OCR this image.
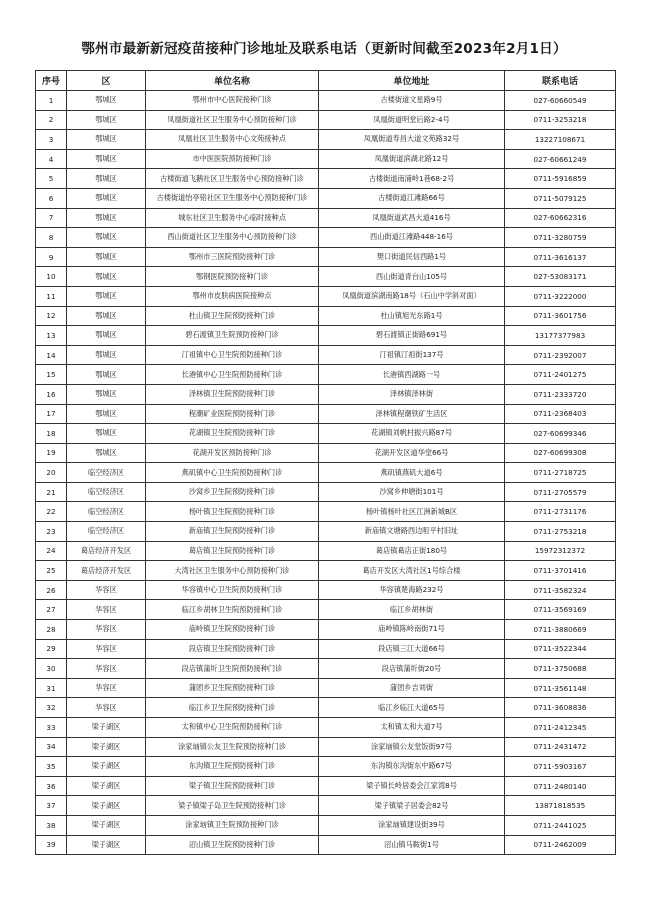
鄂州市最新新冠疫苗接种门诊地址及联系电话（更新时间截至2023年2月1日）
序号	区	单位名称	单位地址	联系电话
1	鄂城区	鄂州市中心医院接种门诊	古楼街道文星路9号	027-60660549
2	鄂城区	凤凰街道社区卫生服务中心预防接种门诊	凤凰街道明堂后路2-4号	0711-3253218
3	鄂城区	凤凰社区卫生服务中心文苑接种点	凤凰街道寿昌大道文苑路32号	13227108671
4	鄂城区	市中医医院预防接种门诊	凤凰街道滨湖北路12号	027-60661249
5	鄂城区	古楼街道飞鹅社区卫生服务中心预防接种门诊	古楼街道南浦岭1巷68-2号	0711-5916859
6	鄂城区	古楼街道怡亭铭社区卫生服务中心预防接种门诊	古楼街道江滩路66号	0711-5079125
7	鄂城区	城东社区卫生服务中心临时接种点	凤凰街道武昌大道416号	027-60662316
8	鄂城区	西山街道社区卫生服务中心预防接种门诊	西山街道江滩路448-16号	0711-3280759
9	鄂城区	鄂州市三医院预防接种门诊	樊口街道民信西路1号	0711-3616137
10	鄂城区	鄂钢医院预防接种门诊	西山街道青台山105号	027-53083171
11	鄂城区	鄂州市皮肤病医院接种点	凤凰街道滨湖南路18号（石山中学斜对面）	0711-3222000
12	鄂城区	杜山镇卫生院预防接种门诊	杜山镇旭光东路1号	0711-3601756
13	鄂城区	碧石渡镇卫生院预防接种门诊	碧石渡镇正街路691号	13177377983
14	鄂城区	汀祖镇中心卫生院预防接种门诊	汀祖镇汀祖街137号	0711-2392007
15	鄂城区	长港镇中心卫生院预防接种门诊	长港镇西湖路一号	0711-2401275
16	鄂城区	泽林镇卫生院预防接种门诊	泽林镇泽林街	0711-2333720
17	鄂城区	程潮矿业医院预防接种门诊	泽林镇程潮铁矿生活区	0711-2368403
18	鄂城区	花湖镇卫生院预防接种门诊	花湖镇刘帆村振兴路87号	027-60699346
19	鄂城区	花湖开发区预防接种门诊	花湖开发区道华堂66号	027-60699308
20	临空经济区	燕矶镇中心卫生院预防接种门诊	燕矶镇燕矶大道6号	0711-2718725
21	临空经济区	沙窝乡卫生院预防接种门诊	沙窝乡伸塘街101号	0711-2705579
22	临空经济区	杨叶镇卫生院预防接种门诊	杨叶镇杨叶社区江洲新城B区	0711-2731176
23	临空经济区	新庙镇卫生院预防接种门诊	新庙镇文塘路西边咀平村旧址	0711-2753218
24	葛店经济开发区	葛店镇卫生院预防接种门诊	葛店镇葛店正街180号	15972312372
25	葛店经济开发区	大湾社区卫生服务中心预防接种门诊	葛店开发区大湾社区1号综合楼	0711-3701416
26	华容区	华容镇中心卫生院预防接种门诊	华容镇楚海路232号	0711-3582324
27	华容区	临江乡胡林卫生院预防接种门诊	临江乡胡林街	0711-3569169
28	华容区	庙岭镇卫生院预防接种门诊	庙岭镇陈岭南街71号	0711-3880669
29	华容区	段店镇卫生院预防接种门诊	段店镇三江大道66号	0711-3522344
30	华容区	段店镇蒲圻卫生院预防接种门诊	段店镇蒲圻街20号	0711-3750688
31	华容区	蒲团乡卫生院预防接种门诊	蒲团乡吉刘街	0711-3561148
32	华容区	临江乡卫生院预防接种门诊	临江乡临江大道65号	0711-3608836
33	梁子湖区	太和镇中心卫生院预防接种门诊	太和镇太和大道7号	0711-2412345
34	梁子湖区	涂家垴镇公友卫生院预防接种门诊	涂家垴镇公友堂饭街97号	0711-2431472
35	梁子湖区	东沟镇卫生院预防接种门诊	东沟镇东沟街东中路67号	0711-5903167
36	梁子湖区	梁子镇卫生院预防接种门诊	梁子镇长岭居委会江家湾8号	0711-2480140
37	梁子湖区	梁子镇梁子岛卫生院预防接种门诊	梁子镇梁子居委会82号	13871818535
38	梁子湖区	涂家垴镇卫生院预防接种门诊	涂家垴镇建设街39号	0711-2441025
39	梁子湖区	沼山镇卫生院预防接种门诊	沼山镇马鞍街1号	0711-2462009
